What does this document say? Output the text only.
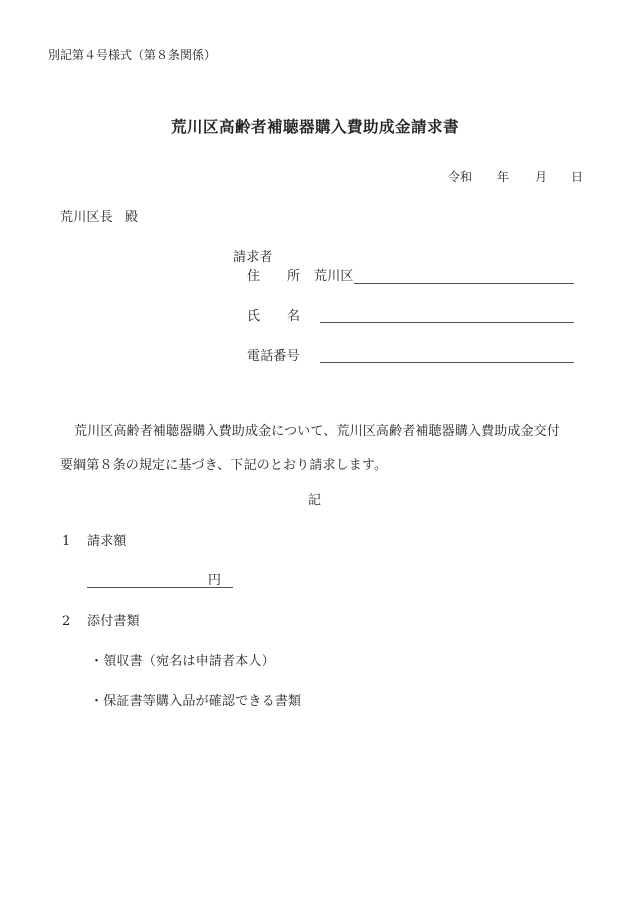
別記第４号様式（第８条関係）
荒川区高齢者補聴器購入費助成金請求書
令和 年 月 日
荒川区長 殿
請求者
住 所 荒川区
氏 名
電話番号
荒川区高齢者補聴器購入費助成金について、荒川区高齢者補聴器購入費助成金交付
要綱第８条の規定に基づき、下記のとおり請求します。
記
1 請求額
円
2 添付書類
・領収書（宛名は申請者本人）
・保証書等購入品が確認できる書類
